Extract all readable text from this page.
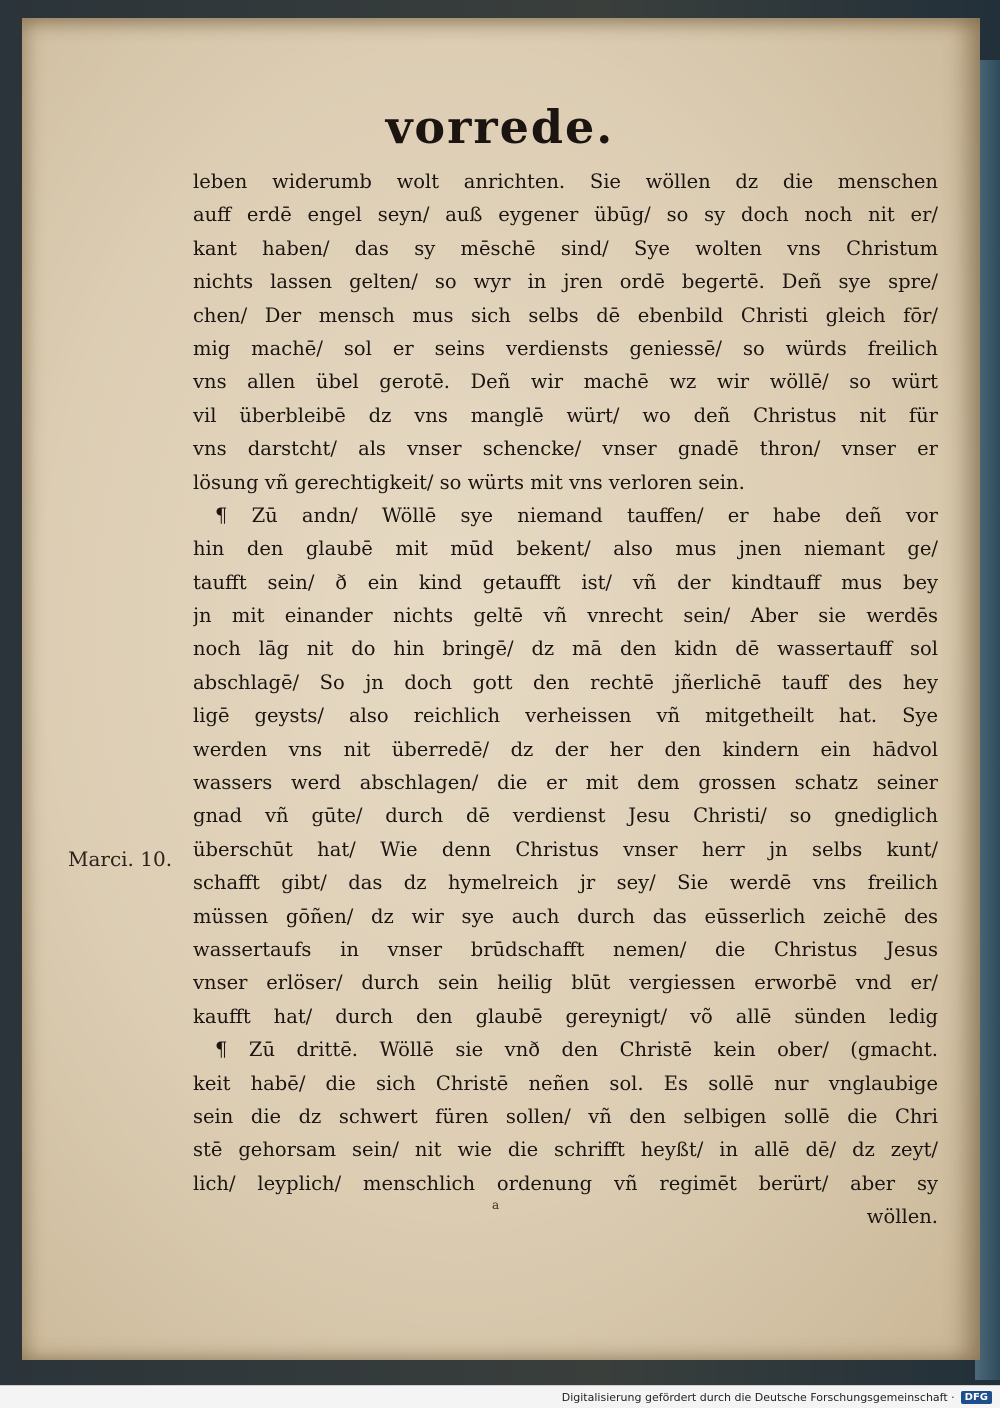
vorrede.
leben widerumb wolt anrichten. Sie wöllen dz die menschen
auff erdē engel seyn/ auß eygener übūg/ so sy doch noch nit er/
kant haben/ das sy mēschē sind/ Sye wolten vns Christum
nichts lassen gelten/ so wyr in jren ordē begertē. Deñ sye spre/
chen/ Der mensch mus sich selbs dē ebenbild Christi gleich fōr/
mig machē/ sol er seins verdiensts geniessē/ so würds freilich
vns allen übel gerotē. Deñ wir machē wz wir wöllē/ so würt
vil überbleibē dz vns manglē würt/ wo deñ Christus nit für
vns darstcht/ als vnser schencke/ vnser gnadē thron/ vnser er
lösung vñ gerechtigkeit/ so würts mit vns verloren sein.
¶ Zū andn/ Wöllē sye niemand tauffen/ er habe deñ vor
hin den glaubē mit mūd bekent/ also mus jnen niemant ge/
taufft sein/ ð ein kind getaufft ist/ vñ der kindtauff mus bey
jn mit einander nichts geltē vñ vnrecht sein/ Aber sie werdēs
noch lāg nit do hin bringē/ dz mā den kidn dē wassertauff sol
abschlagē/ So jn doch gott den rechtē jñerlichē tauff des hey
ligē geysts/ also reichlich verheissen vñ mitgetheilt hat. Sye
werden vns nit überredē/ dz der her den kindern ein hādvol
wassers werd abschlagen/ die er mit dem grossen schatz seiner
gnad vñ gūte/ durch dē verdienst Jesu Christi/ so gnediglich
überschūt hat/ Wie denn Christus vnser herr jn selbs kunt/
schafft gibt/ das dz hymelreich jr sey/ Sie werdē vns freilich
müssen gōñen/ dz wir sye auch durch das eūsserlich zeichē des
wassertaufs in vnser brūdschafft nemen/ die Christus Jesus
vnser erlöser/ durch sein heilig blūt vergiessen erworbē vnd er/
kaufft hat/ durch den glaubē gereynigt/ võ allē sünden ledig
¶ Zū drittē. Wöllē sie vnð den Christē kein ober/ (gmacht.
keit habē/ die sich Christē neñen sol. Es sollē nur vnglaubige
sein die dz schwert füren sollen/ vñ den selbigen sollē die Chri
stē gehorsam sein/ nit wie die schrifft heyßt/ in allē dē/ dz zeyt/
lich/ leyplich/ menschlich ordenung vñ regimēt berürt/ aber sy
wöllen.
Marci. 10.
a
Digitalisierung gefördert durch die Deutsche Forschungsgemeinschaft ·	DFG
